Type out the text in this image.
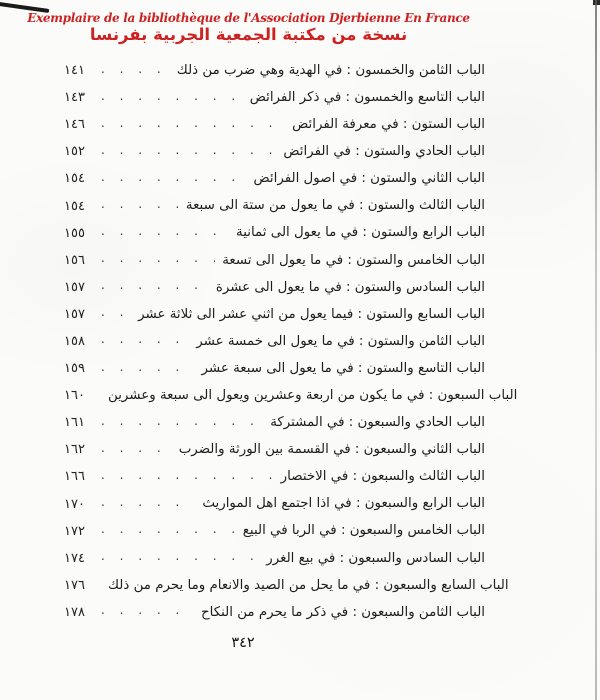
Exemplaire de la bibliothèque de l'Association Djerbienne En France
نسخة من مكتبة الجمعية الجربية بفرنسا
١٤١ . . .	الباب الثامن والخمسون : في الهدية وهي ضرب من ذلك
١٤٣ . . .	الباب التاسع والخمسون : في ذكر الفرائض
١٤٦ . . .	الباب الستون : في معرفة الفرائض
١٥٢ . . .	الباب الحادي والستون : في الفرائض
١٥٤ . . .	الباب الثاني والستون : في اصول الفرائض
١٥٤ . . .	الباب الثالث والستون : في ما يعول من ستة الى سبعة
١٥٥ . . .	الباب الرابع والستون : في ما يعول الى ثمانية
١٥٦ . . .	الباب الخامس والستون : في ما يعول الى تسعة
١٥٧ . . .	الباب السادس والستون : في ما يعول الى عشرة
١٥٧ . . .	الباب السابع والستون : فيما يعول من اثني عشر الى ثلاثة عشر
١٥٨ . . .	الباب الثامن والستون : في ما يعول الى خمسة عشر
١٥٩ . . .	الباب التاسع والستون : في ما يعول الى سبعة عشر
١٦٠	الباب السبعون : في ما يكون من اربعة وعشرين ويعول الى سبعة وعشرين
١٦١ . . .	الباب الحادي والسبعون : في المشتركة
١٦٢ . . .	الباب الثاني والسبعون : في القسمة بين الورثة والضرب
١٦٦ . . .	الباب الثالث والسبعون : في الاختصار
١٧٠ . . .	الباب الرابع والسبعون : في اذا اجتمع اهل المواريث
١٧٢ . . .	الباب الخامس والسبعون : في الربا في البيع
١٧٤ . . .	الباب السادس والسبعون : في بيع الغرر
١٧٦	الباب السابع والسبعون : في ما يحل من الصيد والانعام وما يحرم من ذلك
١٧٨ . . .	الباب الثامن والسبعون : في ذكر ما يحرم من النكاح
٣٤٢
